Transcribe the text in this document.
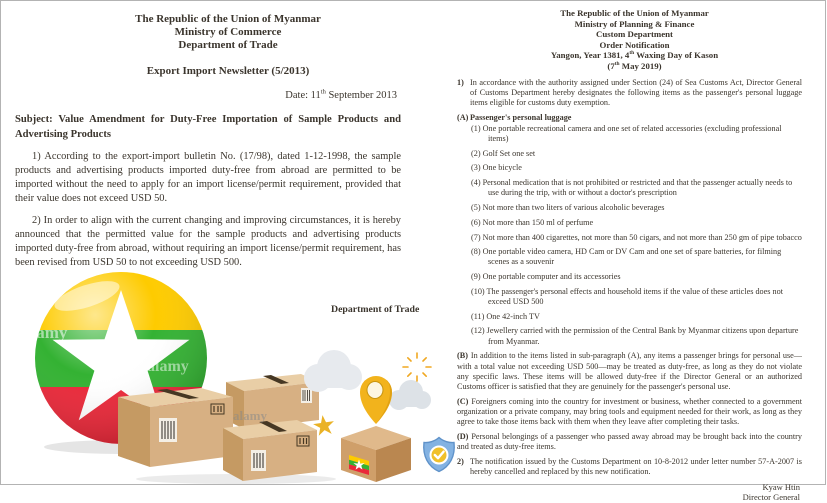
The Republic of the Union of Myanmar
Ministry of Commerce
Department of Trade
Export Import Newsletter (5/2013)
Date: 11th September 2013

Subject: Value Amendment for Duty-Free Importation of Sample Products and Advertising Products

1) According to the export-import bulletin No. (17/98), dated 1-12-1998, the sample products and advertising products imported duty-free from abroad are permitted to be imported without the need to apply for an import license/permit requirement, provided that their value does not exceed USD 50.

2) In order to align with the current changing and improving circumstances, it is hereby announced that the permitted value for the sample products and advertising products imported duty-free from abroad, without requiring an import license/permit requirement, has been revised from USD 50 to not exceeding USD 500.

Department of Trade
The Republic of the Union of Myanmar
Ministry of Planning & Finance
Custom Department
Order Notification
Yangon, Year 1381, 4th Waxing Day of Kason
(7th May 2019)

1) In accordance with the authority assigned under Section (24) of Sea Customs Act, Director General of Customs Department hereby designates the following items as the passenger's personal luggage items eligible for customs duty exemption.

(A) Passenger's personal luggage

(1) One portable recreational camera and one set of related accessories (excluding professional items)

(2) Golf Set one set

(3) One bicycle

(4) Personal medication that is not prohibited or restricted and that the passenger actually needs to use during the trip, with or without a doctor's prescription

(5) Not more than two liters of various alcoholic beverages

(6) Not more than 150 ml of perfume

(7) Not more than 400 cigarettes, not more than 50 cigars, and not more than 250 gm of pipe tobacco

(8) One portable video camera, HD Cam or DV Cam and one set of spare batteries, for filming scenes as a souvenir

(9) One portable computer and its accessories

(10) The passenger's personal effects and household items if the value of these articles does not exceed USD 500

(11) One 42-inch TV

(12) Jewellery carried with the permission of the Central Bank by Myanmar citizens upon departure from Myanmar.

(B) In addition to the items listed in sub-paragraph (A), any items a passenger brings for personal use—with a total value not exceeding USD 500—may be treated as duty-free, as long as they do not violate any specific laws. These items will be allowed duty-free if the Director General or an authorized Customs officer is satisfied that they are genuinely for the passenger's personal use.

(C) Foreigners coming into the country for investment or business, whether connected to a government organization or a private company, may bring tools and equipment needed for their work, as long as they agree to take those items back with them when they leave after completing their tasks.

(D) Personal belongings of a passenger who passed away abroad may be brought back into the country and treated as duty-free items.

2) The notification issued by the Customs Department on 10-8-2012 under letter number 57-A-2007 is hereby cancelled and replaced by this new notification.

Kyaw Htin
Director General
alamy
alamy
alamy
